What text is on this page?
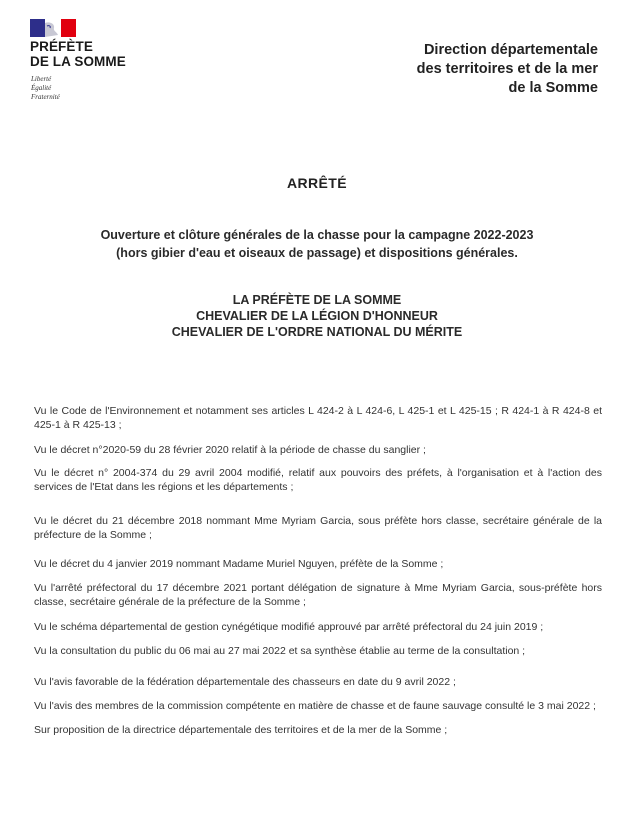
PRÉFÈTE
DE LA SOMME
Liberté
Égalité
Fraternité
Direction départementale
des territoires et de la mer
de la Somme
ARRÊTÉ
Ouverture et clôture générales de la chasse pour la campagne 2022-2023
(hors gibier d'eau et oiseaux de passage) et dispositions générales.
LA PRÉFÈTE DE LA SOMME
CHEVALIER DE LA LÉGION D'HONNEUR
CHEVALIER DE L'ORDRE NATIONAL DU MÉRITE
Vu le Code de l'Environnement et notamment ses articles L 424-2 à L 424-6, L 425-1 et L 425-15 ; R 424-1 à R 424-8 et 425-1 à R 425-13 ;
Vu le décret n°2020-59 du 28 février 2020 relatif à la période de chasse du sanglier ;
Vu le décret n° 2004-374 du 29 avril 2004 modifié, relatif aux pouvoirs des préfets, à l'organisation et à l'action des services de l'Etat dans les régions et les départements ;
Vu le décret du 21 décembre 2018 nommant Mme Myriam Garcia, sous préfète hors classe, secrétaire générale de la préfecture de la Somme ;
Vu le décret du 4 janvier 2019 nommant Madame Muriel Nguyen, préfète de la Somme ;
Vu l'arrêté préfectoral du 17 décembre 2021 portant délégation de signature à Mme Myriam Garcia, sous-préfète hors classe, secrétaire générale de la préfecture de la Somme ;
Vu le schéma départemental de gestion cynégétique modifié approuvé par arrêté préfectoral du 24 juin 2019 ;
Vu la consultation du public du 06 mai au 27 mai 2022 et sa synthèse établie au terme de la consultation ;
Vu l'avis favorable de la fédération départementale des chasseurs en date du 9 avril 2022 ;
Vu l'avis des membres de la commission compétente en matière de chasse et de faune sauvage consulté le 3 mai 2022 ;
Sur proposition de la directrice départementale des territoires et de la mer de la Somme ;
